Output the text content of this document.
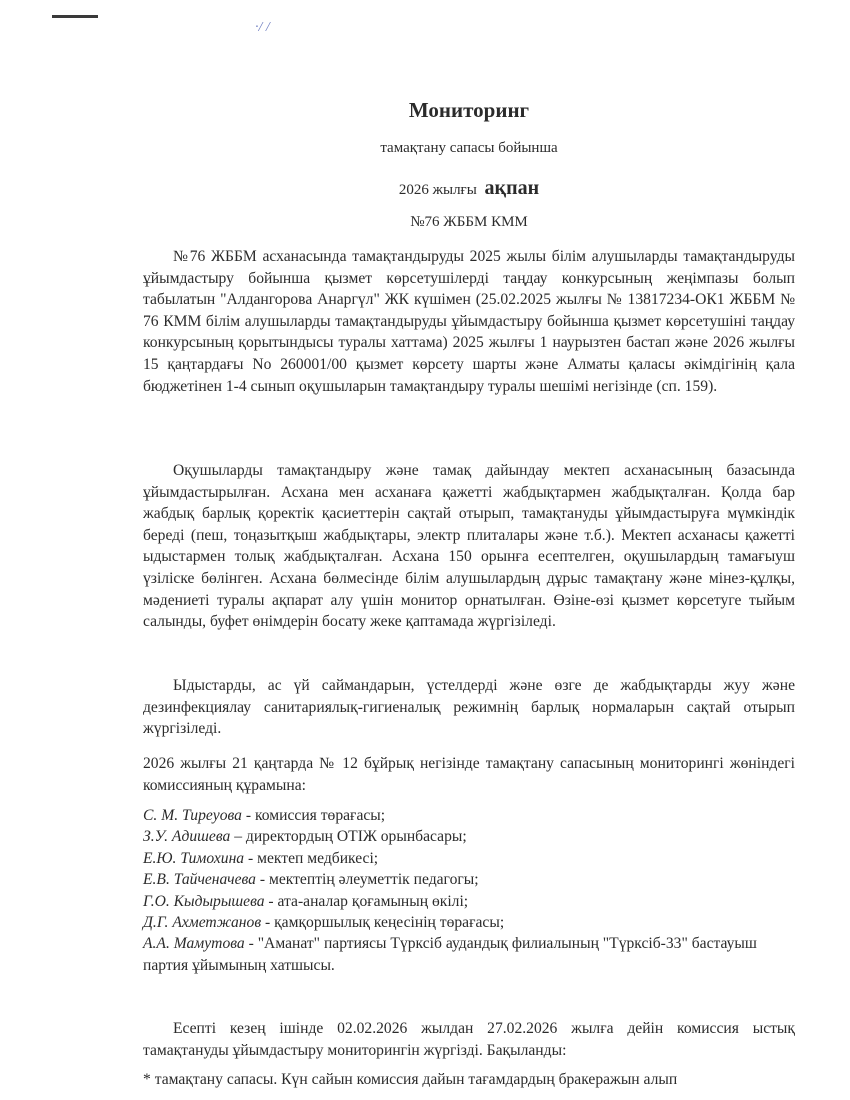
·/ /
Мониторинг
тамақтану сапасы бойынша
2026 жылғы ақпан
№76 ЖББМ КММ

№76 ЖББМ асханасында тамақтандыруды 2025 жылы білім алушыларды тамақтандыруды ұйымдастыру бойынша қызмет көрсетушілерді таңдау конкурсының жеңімпазы болып табылатын "Алдангорова Анаргүл" ЖК күшімен (25.02.2025 жылғы № 13817234-ОК1 ЖББМ № 76 КММ білім алушыларды тамақтандыруды ұйымдастыру бойынша қызмет көрсетушіні таңдау конкурсының қорытындысы туралы хаттама) 2025 жылғы 1 наурызтен бастап және 2026 жылғы 15 қаңтардағы No 260001/00 қызмет көрсету шарты және Алматы қаласы әкімдігінің қала бюджетінен 1-4 сынып оқушыларын тамақтандыру туралы шешімі негізінде (сп. 159).

Оқушыларды тамақтандыру және тамақ дайындау мектеп асханасының базасында ұйымдастырылған. Асхана мен асханаға қажетті жабдықтармен жабдықталған. Қолда бар жабдық барлық қоректік қасиеттерін сақтай отырып, тамақтануды ұйымдастыруға мүмкіндік береді (пеш, тоңазытқыш жабдықтары, электр плиталары және т.б.). Мектеп асханасы қажетті ыдыстармен толық жабдықталған. Асхана 150 орынға есептелген, оқушылардың тамағыуш үзіліске бөлінген. Асхана бөлмесінде білім алушылардың дұрыс тамақтану және мінез-құлқы, мәдениеті туралы ақпарат алу үшін монитор орнатылған. Өзіне-өзі қызмет көрсетуге тыйым салынды, буфет өнімдерін босату жеке қаптамада жүргізіледі.

Ыдыстарды, ас үй саймандарын, үстелдерді және өзге де жабдықтарды жуу және дезинфекциялау санитариялық-гигиеналық режимнің барлық нормаларын сақтай отырып жүргізіледі.

2026 жылғы 21 қаңтарда № 12 бұйрық негізінде тамақтану сапасының мониторингі жөніндегі комиссияның құрамына:

С. М. Тиреуова - комиссия төрағасы;
З.У. Адишева – директордың ОТІЖ орынбасары;
Е.Ю. Тимохина - мектеп медбикесі;
Е.В. Тайченачева - мектептің әлеуметтік педагогы;
Г.О. Кыдырышева - ата-аналар қоғамының өкілі;
Д.Г. Ахметжанов - қамқоршылық кеңесінің төрағасы;
А.А. Мамутова - "Аманат" партиясы Түрксіб аудандық филиалының "Түрксіб-33" бастауыш партия ұйымының хатшысы.

Есепті кезең ішінде 02.02.2026 жылдан 27.02.2026 жылға дейін комиссия ыстық тамақтануды ұйымдастыру мониторингін жүргізді. Бақыланды:

* тамақтану сапасы. Күн сайын комиссия дайын тағамдардың бракеражын алып
